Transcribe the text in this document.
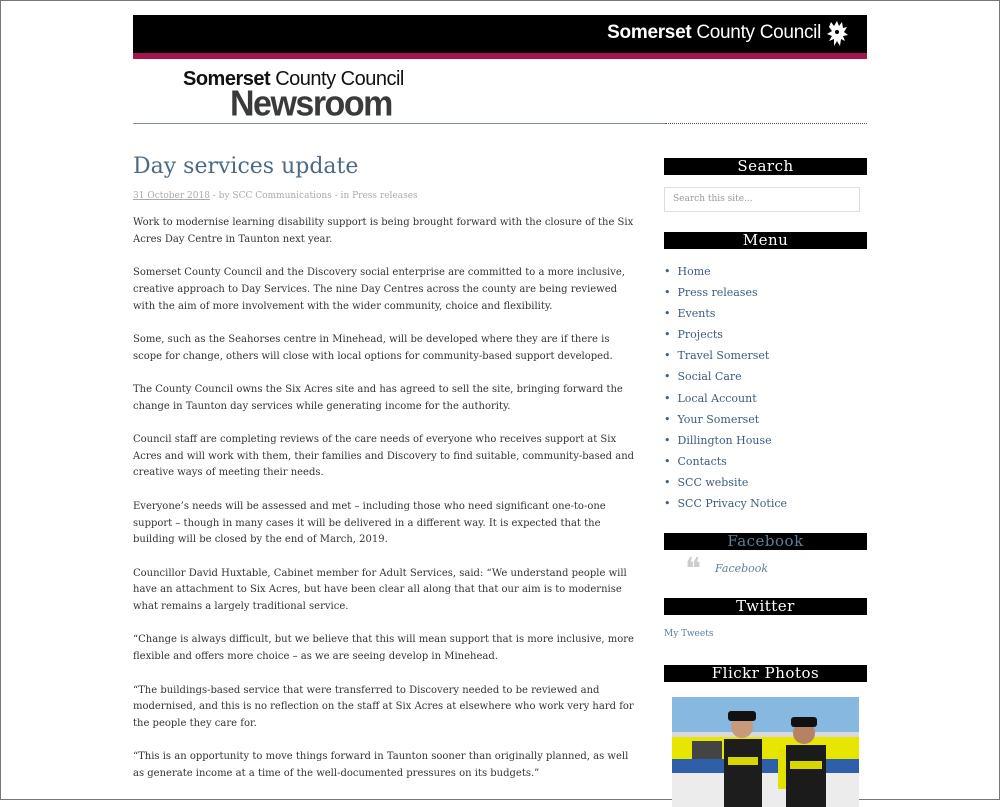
Somerset County Council
Somerset County Council
Newsroom
Day services update
31 October 2018 - by SCC Communications - in Press releases

Work to modernise learning disability support is being brought forward with the closure of the Six Acres Day Centre in Taunton next year.

Somerset County Council and the Discovery social enterprise are committed to a more inclusive, creative approach to Day Services. The nine Day Centres across the county are being reviewed with the aim of more involvement with the wider community, choice and flexibility.

Some, such as the Seahorses centre in Minehead, will be developed where they are if there is scope for change, others will close with local options for community-based support developed.

The County Council owns the Six Acres site and has agreed to sell the site, bringing forward the change in Taunton day services while generating income for the authority.

Council staff are completing reviews of the care needs of everyone who receives support at Six Acres and will work with them, their families and Discovery to find suitable, community-based and creative ways of meeting their needs.

Everyone’s needs will be assessed and met – including those who need significant one-to-one support – though in many cases it will be delivered in a different way. It is expected that the building will be closed by the end of March, 2019.

Councillor David Huxtable, Cabinet member for Adult Services, said: “We understand people will have an attachment to Six Acres, but have been clear all along that that our aim is to modernise what remains a largely traditional service.

“Change is always difficult, but we believe that this will mean support that is more inclusive, more flexible and offers more choice – as we are seeing develop in Minehead.

“The buildings-based service that were transferred to Discovery needed to be reviewed and modernised, and this is no reflection on the staff at Six Acres at elsewhere who work very hard for the people they care for.

“This is an opportunity to move things forward in Taunton sooner than originally planned, as well as generate income at a time of the well-documented pressures on its budgets.”

Search
Search this site...
Menu
• Home
• Press releases
• Events
• Projects
• Travel Somerset
• Social Care
• Local Account
• Your Somerset
• Dillington House
• Contacts
• SCC website
• SCC Privacy Notice
Facebook
❝ Facebook
Twitter
My Tweets
Flickr Photos
